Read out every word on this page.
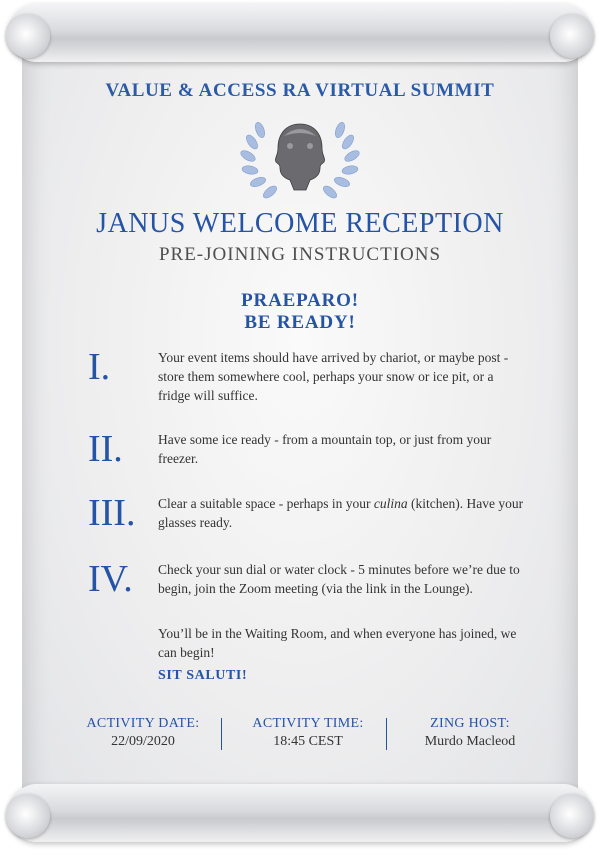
VALUE & ACCESS RA VIRTUAL SUMMIT
JANUS WELCOME RECEPTION
PRE-JOINING INSTRUCTIONS
PRAEPARO!
BE READY!
I.	Your event items should have arrived by chariot, or maybe post - store them somewhere cool, perhaps your snow or ice pit, or a fridge will suffice.
II.	Have some ice ready - from a mountain top, or just from your freezer.
III. Clear a suitable space - perhaps in your culina (kitchen). Have your glasses ready.
IV. Check your sun dial or water clock - 5 minutes before we’re due to begin, join the Zoom meeting (via the link in the Lounge).
You’ll be in the Waiting Room, and when everyone has joined, we can begin!
SIT SALUTI!
ACTIVITY DATE:
22/09/2020
ACTIVITY TIME:
18:45 CEST
ZING HOST:
Murdo Macleod
